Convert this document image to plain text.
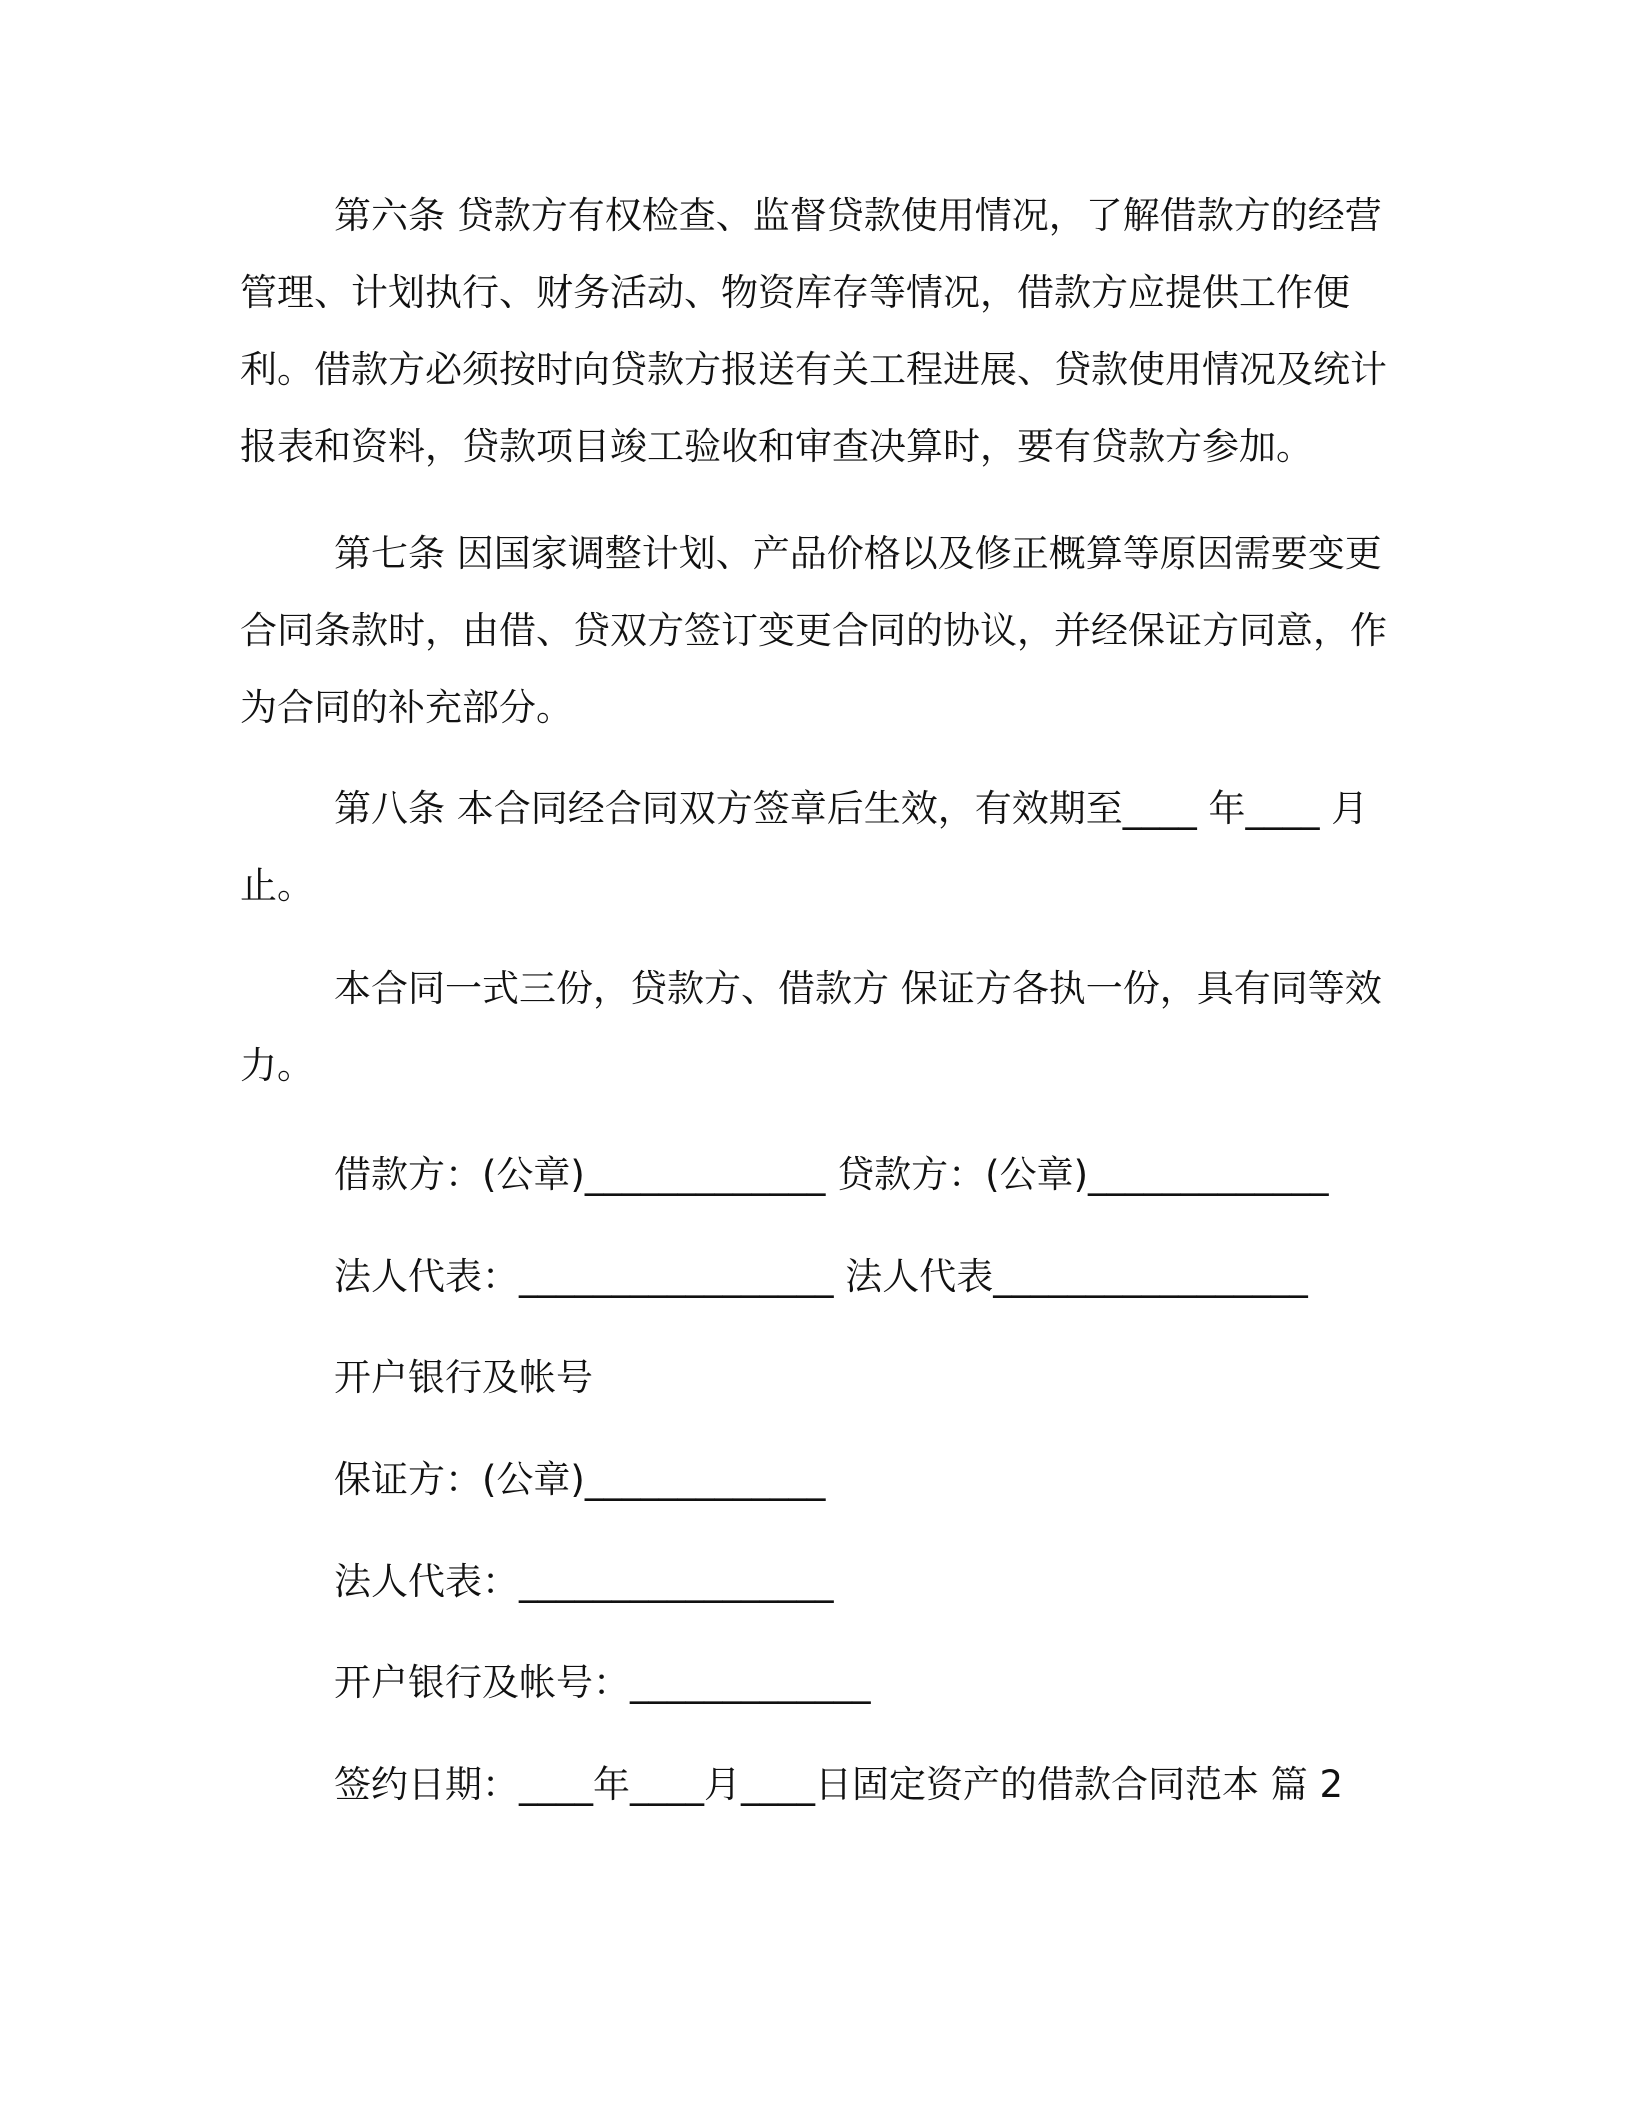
第六条 贷款方有权检查、监督贷款使用情况，了解借款方的经营管理、计划执行、财务活动、物资库存等情况，借款方应提供工作便利。借款方必须按时向贷款方报送有关工程进展、贷款使用情况及统计报表和资料，贷款项目竣工验收和审查决算时，要有贷款方参加。

第七条 因国家调整计划、产品价格以及修正概算等原因需要变更合同条款时，由借、贷双方签订变更合同的协议，并经保证方同意，作为合同的补充部分。

第八条 本合同经合同双方签章后生效，有效期至____ 年____ 月止。

本合同一式三份，贷款方、借款方 保证方各执一份，具有同等效力。

借款方：(公章)_____________ 贷款方：(公章)_____________

法人代表：_________________ 法人代表_________________

开户银行及帐号

保证方：(公章)_____________

法人代表：_________________

开户银行及帐号：_____________

签约日期：____年____月____日固定资产的借款合同范本 篇 2
